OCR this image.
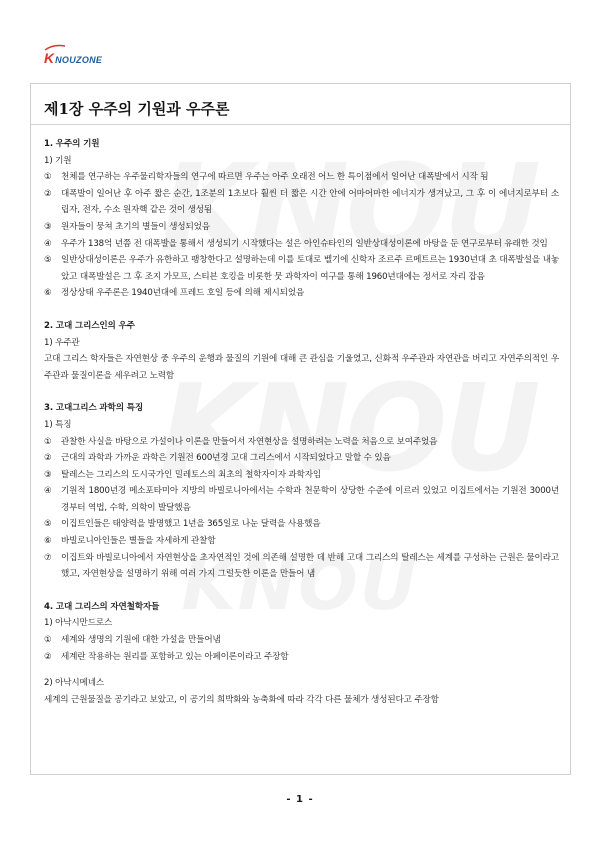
K NOUZONE
제1장 우주의 기원과 우주론
1. 우주의 기원
1) 기원
①	천체를 연구하는 우주물리학자들의 연구에 따르면 우주는 아주 오래전 어느 한 특이점에서 일어난 대폭발에서 시작 됨
②	대폭발이 일어난 후 아주 짧은 순간, 1조분의 1초보다 훨씬 더 짧은 시간 안에 어마어마한 에너지가 생겨났고, 그 후 이 에너지로부터 소립자, 전자, 수소 원자핵 같은 것이 생성됨
③	원자들이 뭉쳐 초기의 별들이 생성되었음
④	우주가 138억 년쯤 전 대폭발을 통해서 생성되기 시작했다는 설은 아인슈타인의 일반상대성이론에 바탕을 둔 연구로부터 유래한 것임
⑤	일반상대성이론은 우주가 유한하고 팽창한다고 설명하는데 이를 토대로 벨기에 신학자 조르주 르메트르는 1930년대 초 대폭발설을 내놓았고 대폭발설은 그 후 조지 가모프, 스티븐 호킹을 비롯한 뭇 과학자이 여구를 통해 1960년대에는 정서로 자리 잡음
⑥	정상상태 우주론은 1940년대에 프레드 호일 등에 의해 제시되었음
2. 고대 그리스인의 우주
1) 우주관

고대 그리스 학자들은 자연현상 중 우주의 운행과 물질의 기원에 대해 큰 관심을 기울였고, 신화적 우주관과 자연관을 버리고 자연주의적인 우주관과 물질이론을 세우려고 노력함

3. 고대그리스 과학의 특징
1) 특징
①	관찰한 사실을 바탕으로 가설이나 이론을 만들어서 자연현상을 설명하려는 노력을 처음으로 보여주었음
②	근대의 과학과 가까운 과학은 기원전 600년경 고대 그리스에서 시작되었다고 말할 수 있음
③	탈레스는 그리스의 도시국가인 밀레토스의 최초의 철학자이자 과학자임
④	기원적 1800년경 메소포타미아 지방의 바빌로니아에서는 수학과 천문학이 상당한 수준에 이르러 있었고 이집트에서는 기원전 3000년경부터 역법, 수학, 의학이 발달했음
⑤	이집트인들은 태양력을 발명했고 1년을 365일로 나눈 달력을 사용했음
⑥	바빌로니아인들은 별들을 자세하게 관찰함
⑦	이집트와 바빌로니아에서 자연현상을 초자연적인 것에 의존해 설명한 데 반해 고대 그리스의 탈레스는 세계를 구성하는 근원은 물이라고 했고, 자연현상을 설명하기 위해 여러 가지 그럴듯한 이론을 만들어 냄
4. 고대 그리스의 자연철학자들
1) 아낙시만드로스
①	세계와 생명의 기원에 대한 가설을 만들어냄
②	세계란 작용하는 원리를 포함하고 있는 아페이론이라고 주장함
2) 아낙시메네스

세계의 근원물질을 공기라고 보았고, 이 공기의 희박화와 농축화에 따라 각각 다른 물체가 생성된다고 주장함

- 1 -
